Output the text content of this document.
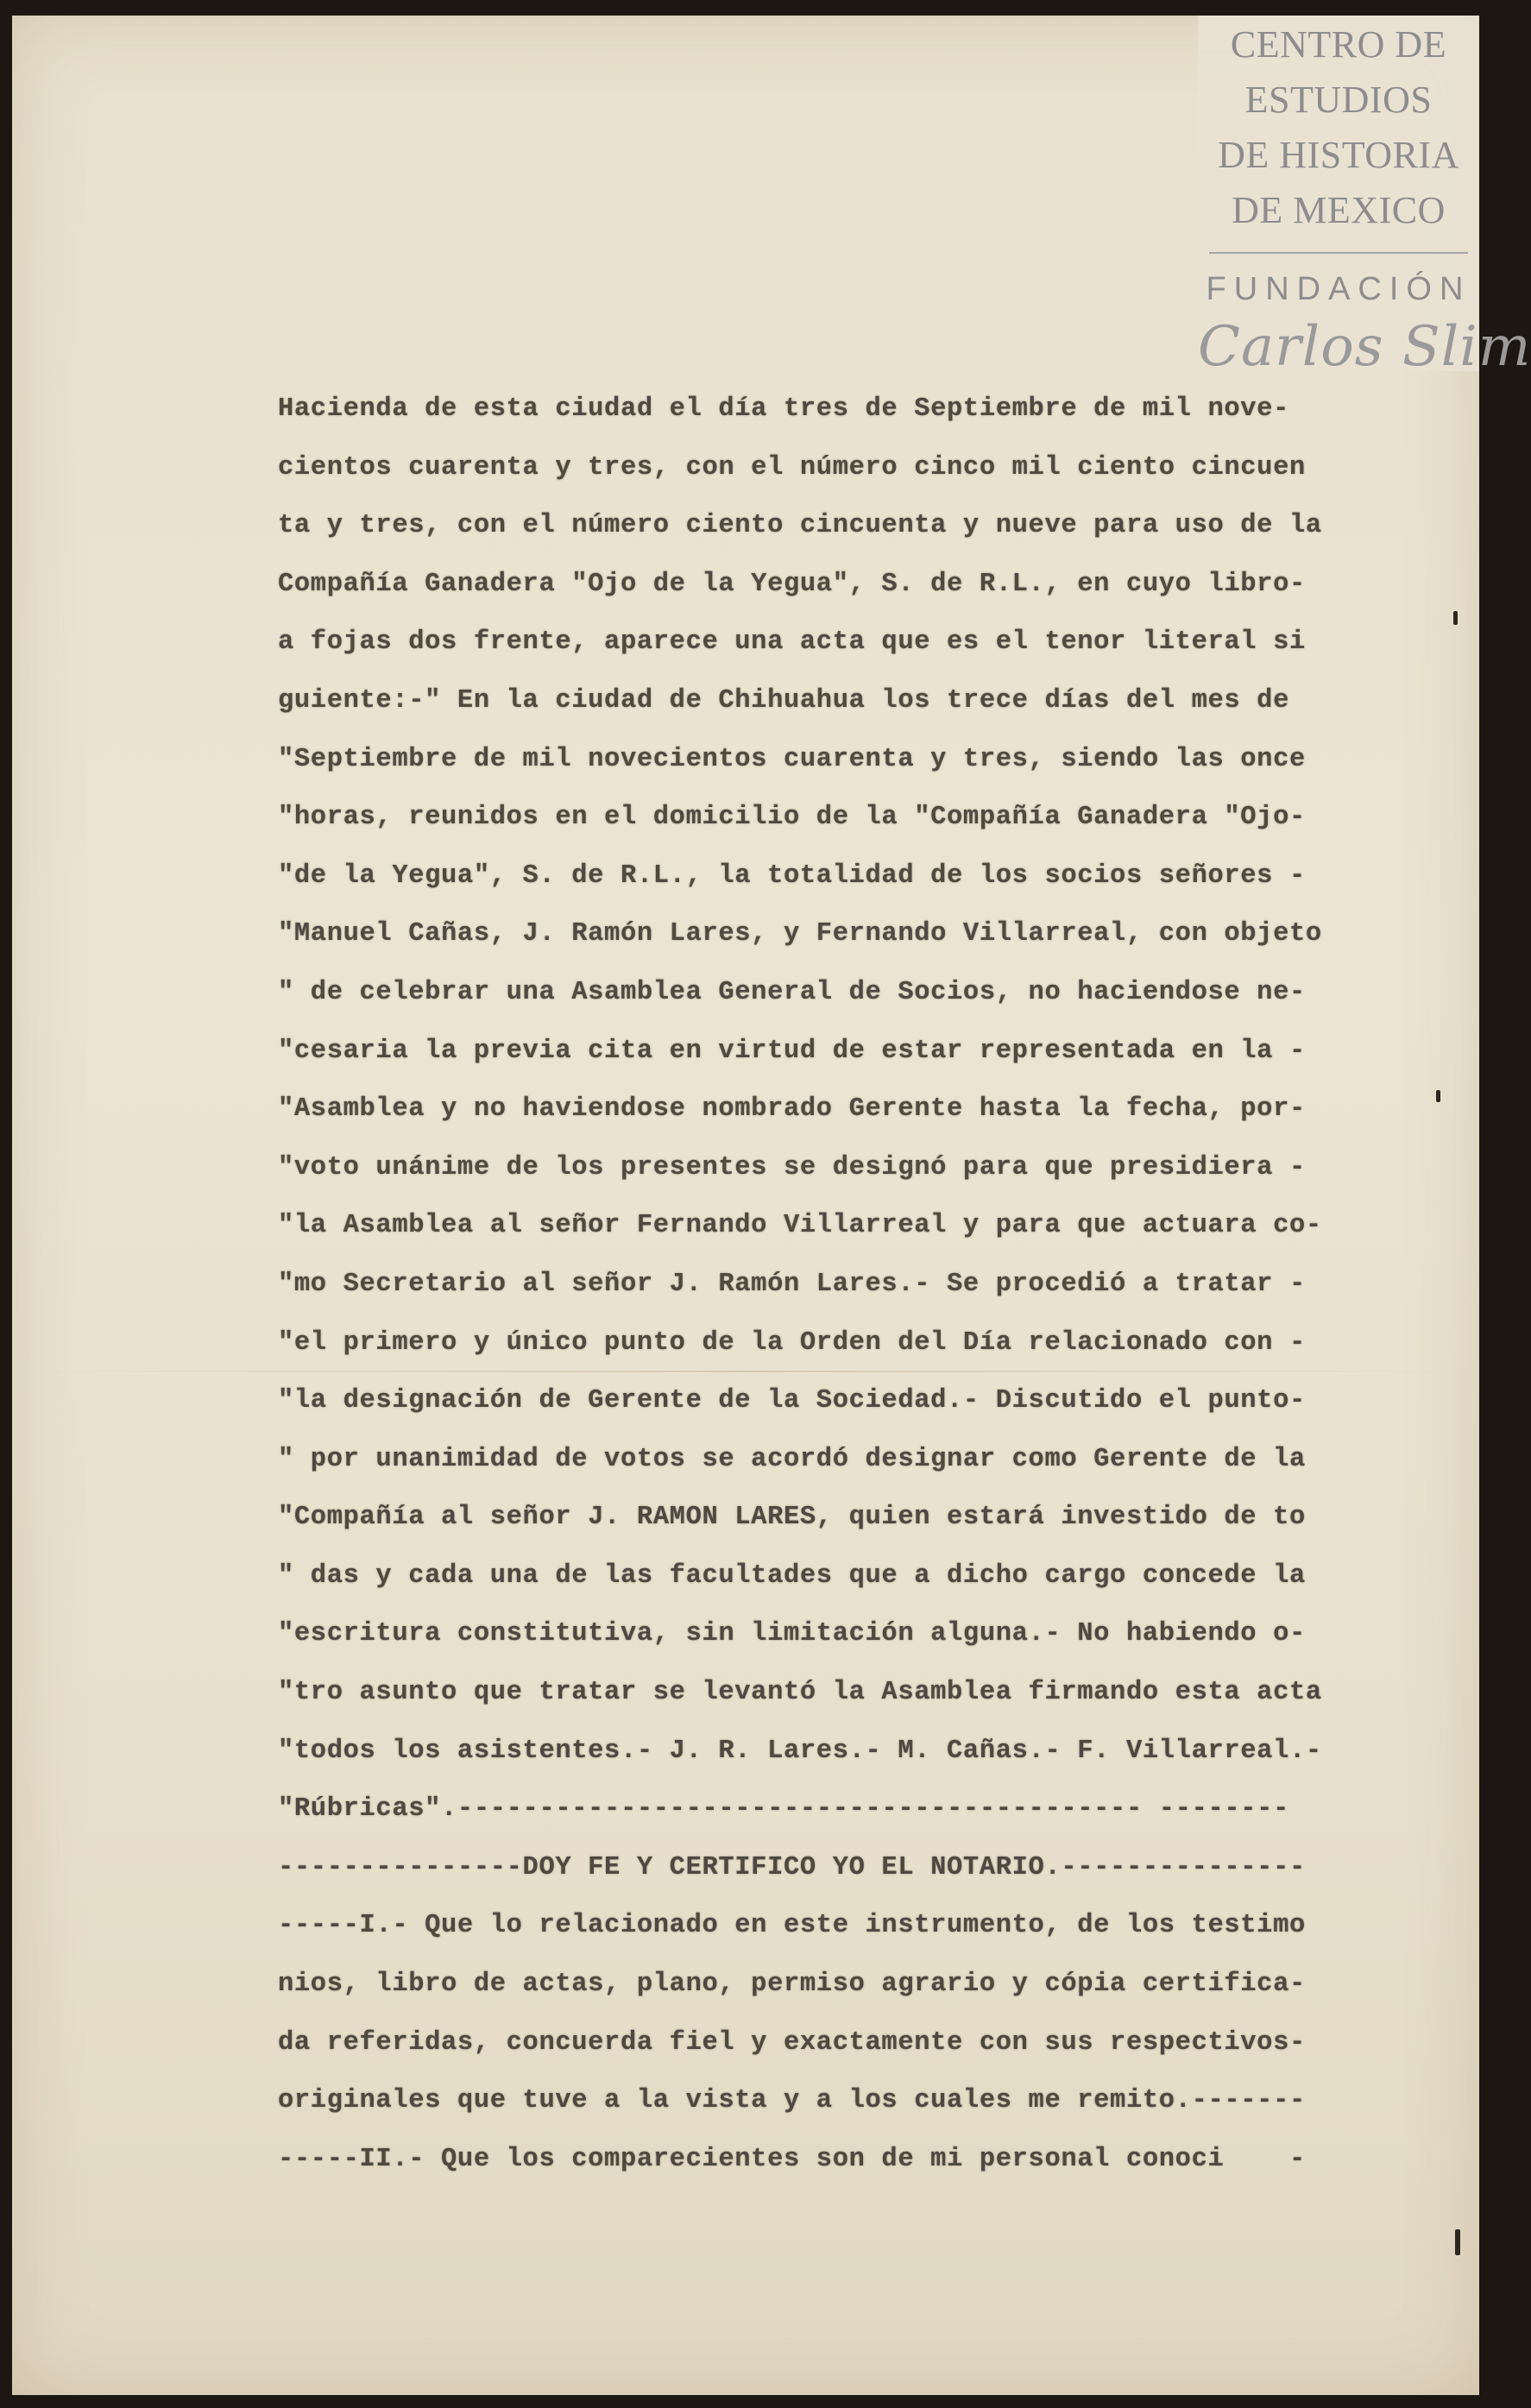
CENTRO DE
ESTUDIOS
DE HISTORIA
DE MEXICO
FUNDACIÓN
Carlos Slim
Hacienda de esta ciudad el día tres de Septiembre de mil nove-
cientos cuarenta y tres, con el número cinco mil ciento cincuen
ta y tres, con el número ciento cincuenta y nueve para uso de la
Compañía Ganadera "Ojo de la Yegua", S. de R.L., en cuyo libro-
a fojas dos frente, aparece una acta que es el tenor literal si
guiente:-" En la ciudad de Chihuahua los trece días del mes de
"Septiembre de mil novecientos cuarenta y tres, siendo las once
"horas, reunidos en el domicilio de la "Compañía Ganadera "Ojo-
"de la Yegua", S. de R.L., la totalidad de los socios señores -
"Manuel Cañas, J. Ramón Lares, y Fernando Villarreal, con objeto
" de celebrar una Asamblea General de Socios, no haciendose ne-
"cesaria la previa cita en virtud de estar representada en la -
"Asamblea y no haviendose nombrado Gerente hasta la fecha, por-
"voto unánime de los presentes se designó para que presidiera -
"la Asamblea al señor Fernando Villarreal y para que actuara co-
"mo Secretario al señor J. Ramón Lares.- Se procedió a tratar -
"el primero y único punto de la Orden del Día relacionado con -
"la designación de Gerente de la Sociedad.- Discutido el punto-
" por unanimidad de votos se acordó designar como Gerente de la
"Compañía al señor J. RAMON LARES, quien estará investido de to
" das y cada una de las facultades que a dicho cargo concede la
"escritura constitutiva, sin limitación alguna.- No habiendo o-
"tro asunto que tratar se levantó la Asamblea firmando esta acta
"todos los asistentes.- J. R. Lares.- M. Cañas.- F. Villarreal.-
"Rúbricas".------------------------------------------ --------
---------------DOY FE Y CERTIFICO YO EL NOTARIO.---------------
-----I.- Que lo relacionado en este instrumento, de los testimo
nios, libro de actas, plano, permiso agrario y cópia certifica-
da referidas, concuerda fiel y exactamente con sus respectivos-
originales que tuve a la vista y a los cuales me remito.-------
-----II.- Que los comparecientes son de mi personal conoci    -
